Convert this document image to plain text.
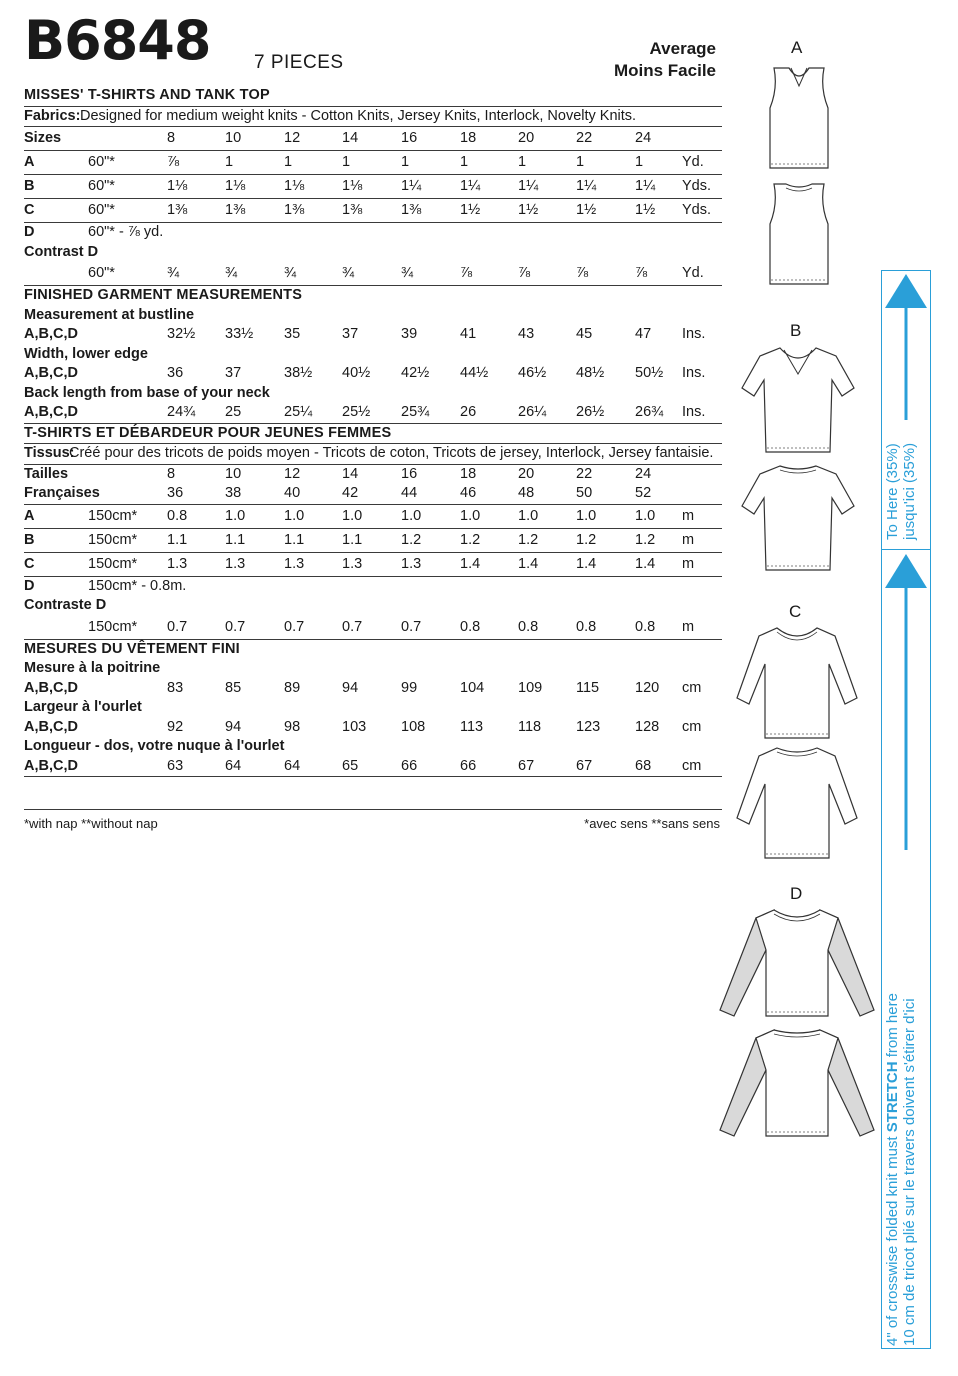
B6848 7 PIECES
Average
Moins Facile
MISSES' T-SHIRTS AND TANK TOP
Fabrics: Designed for medium weight knits - Cotton Knits, Jersey Knits, Interlock, Novelty Knits.
Sizes	8	10	12	14	16	18	20	22	24
A	60"*	⅞	1	1	1	1	1	1	1	1	Yd.
B	60"*	1⅛	1⅛	1⅛	1⅛	1¼	1¼	1¼	1¼	1¼ Yds.
C	60"*	1⅜	1⅜	1⅜	1⅜	1⅜	1½	1½	1½	1½ Yds.
D	60"* - ⅞ yd.
Contrast D
60"*	¾	¾	¾	¾	¾	⅞	⅞	⅞	⅞ Yd.
FINISHED GARMENT MEASUREMENTS
Measurement at bustline
A,B,C,D	32½ 33½ 35	37	39	41	43	45	47 Ins.
Width, lower edge
A,B,C,D	36	37	38½ 40½ 42½ 44½ 46½ 48½ 50½ Ins.
Back length from base of your neck
A,B,C,D	24¾ 25	25¼ 25½ 25¾ 26	26¼ 26½ 26¾ Ins.
T-SHIRTS ET DÉBARDEUR POUR JEUNES FEMMES
Tissus:
Créé pour des tricots de poids moyen - Tricots de coton, Tricots de jersey, Interlock, Jersey fantaisie.
Tailles	8	10	12	14	16	18	20	22	24
Françaises	36	38	40	42	44	46	48	50	52
A	150cm* 0.8	1.0	1.0	1.0	1.0	1.0	1.0	1.0	1.0 m
B	150cm* 1.1	1.1	1.1	1.1	1.2	1.2	1.2	1.2	1.2 m
C	150cm* 1.3	1.3	1.3	1.3	1.3	1.4	1.4	1.4	1.4 m
D	150cm* - 0.8m.
Contraste D
150cm* 0.7	0.7	0.7	0.7	0.7	0.8	0.8	0.8	0.8 m
MESURES DU VÊTEMENT FINI
Mesure à la poitrine
A,B,C,D	83	85	89	94	99	104 109 115 120 cm
Largeur à l'ourlet
A,B,C,D	92	94	98	103 108 113 118 123 128 cm
Longueur - dos, votre nuque à l'ourlet
A,B,C,D	63	64	64	65	66	66	67	67	68 cm
*with nap **without nap	*avec sens **sans sens
A
B
C
D
To Here (35%) jusqu'ici (35%)
4" of crosswise folded knit must STRETCH from here 10 cm de tricot plié sur le travers doivent s'étirer d'ici
